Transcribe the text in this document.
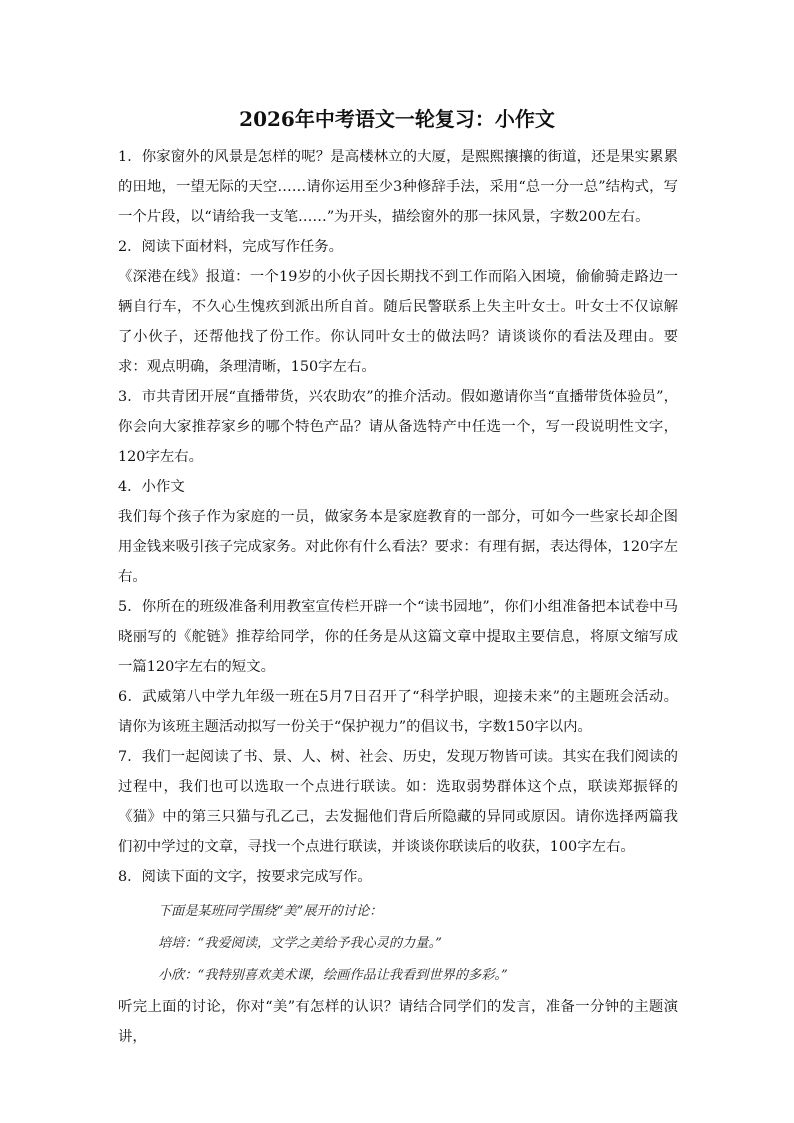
2026年中考语文一轮复习：小作文

1．你家窗外的风景是怎样的呢？是高楼林立的大厦，是熙熙攘攘的街道，还是果实累累的田地，一望无际的天空……请你运用至少3种修辞手法，采用“总一分一总”结构式，写一个片段，以“请给我一支笔……”为开头，描绘窗外的那一抹风景，字数200左右。

2．阅读下面材料，完成写作任务。

《深港在线》报道：一个19岁的小伙子因长期找不到工作而陷入困境，偷偷骑走路边一辆自行车，不久心生愧疚到派出所自首。随后民警联系上失主叶女士。叶女士不仅谅解了小伙子，还帮他找了份工作。你认同叶女士的做法吗？请谈谈你的看法及理由。要求：观点明确，条理清晰，150字左右。

3．市共青团开展“直播带货，兴农助农”的推介活动。假如邀请你当“直播带货体验员”，你会向大家推荐家乡的哪个特色产品？请从备选特产中任选一个，写一段说明性文字，120字左右。

4．小作文

我们每个孩子作为家庭的一员，做家务本是家庭教育的一部分，可如今一些家长却企图用金钱来吸引孩子完成家务。对此你有什么看法？要求：有理有据，表达得体，120字左右。

5．你所在的班级准备利用教室宣传栏开辟一个“读书园地”，你们小组准备把本试卷中马晓丽写的《舵链》推荐给同学，你的任务是从这篇文章中提取主要信息，将原文缩写成一篇120字左右的短文。

6．武威第八中学九年级一班在5月7日召开了“科学护眼，迎接未来”的主题班会活动。请你为该班主题活动拟写一份关于“保护视力”的倡议书，字数150字以内。

7．我们一起阅读了书、景、人、树、社会、历史，发现万物皆可读。其实在我们阅读的过程中，我们也可以选取一个点进行联读。如：选取弱势群体这个点，联读郑振铎的《猫》中的第三只猫与孔乙己，去发掘他们背后所隐藏的异同或原因。请你选择两篇我们初中学过的文章，寻找一个点进行联读，并谈谈你联读后的收获，100字左右。

8．阅读下面的文字，按要求完成写作。

下面是某班同学围绕“美”展开的讨论：

培培：“我爱阅读，文学之美给予我心灵的力量。”

小欣：“我特别喜欢美术课，绘画作品让我看到世界的多彩。”

听完上面的讨论，你对“美”有怎样的认识？请结合同学们的发言，准备一分钟的主题演讲，
